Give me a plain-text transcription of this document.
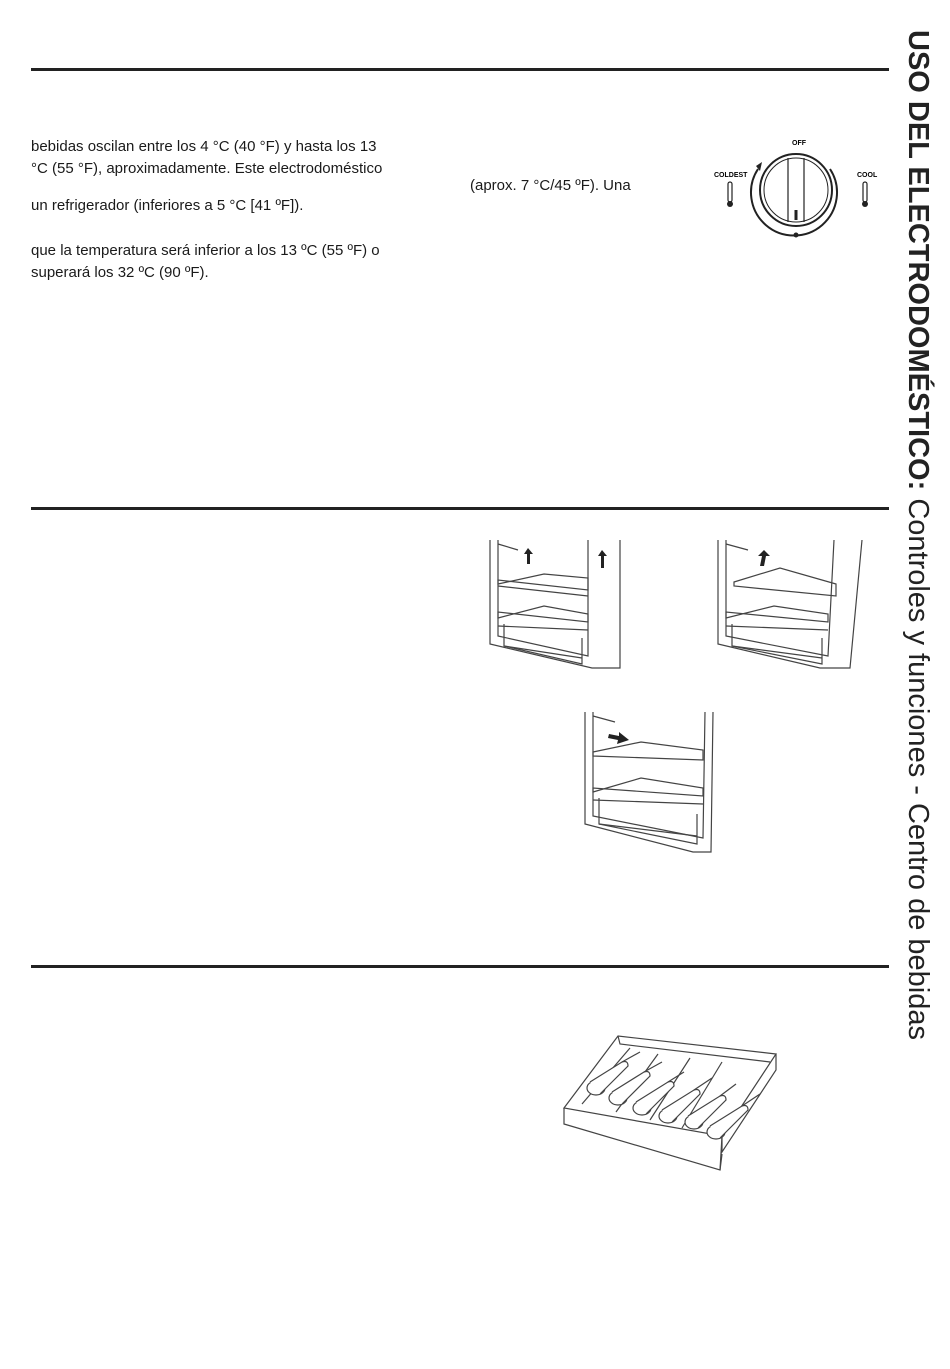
USO DEL ELECTRODOMÉSTICO: Controles y funciones - Centro de bebidas

bebidas oscilan entre los 4 °C (40 °F) y hasta los 13
°C (55 °F), aproximadamente. Este electrodoméstico

un refrigerador (inferiores a 5 °C [41 ºF]).

que la temperatura será inferior a los 13 ºC (55 ºF) o
superará los 32 ºC (90 ºF).

(aprox. 7 °C/45 ºF). Una
OFF
COLDEST	COOL
